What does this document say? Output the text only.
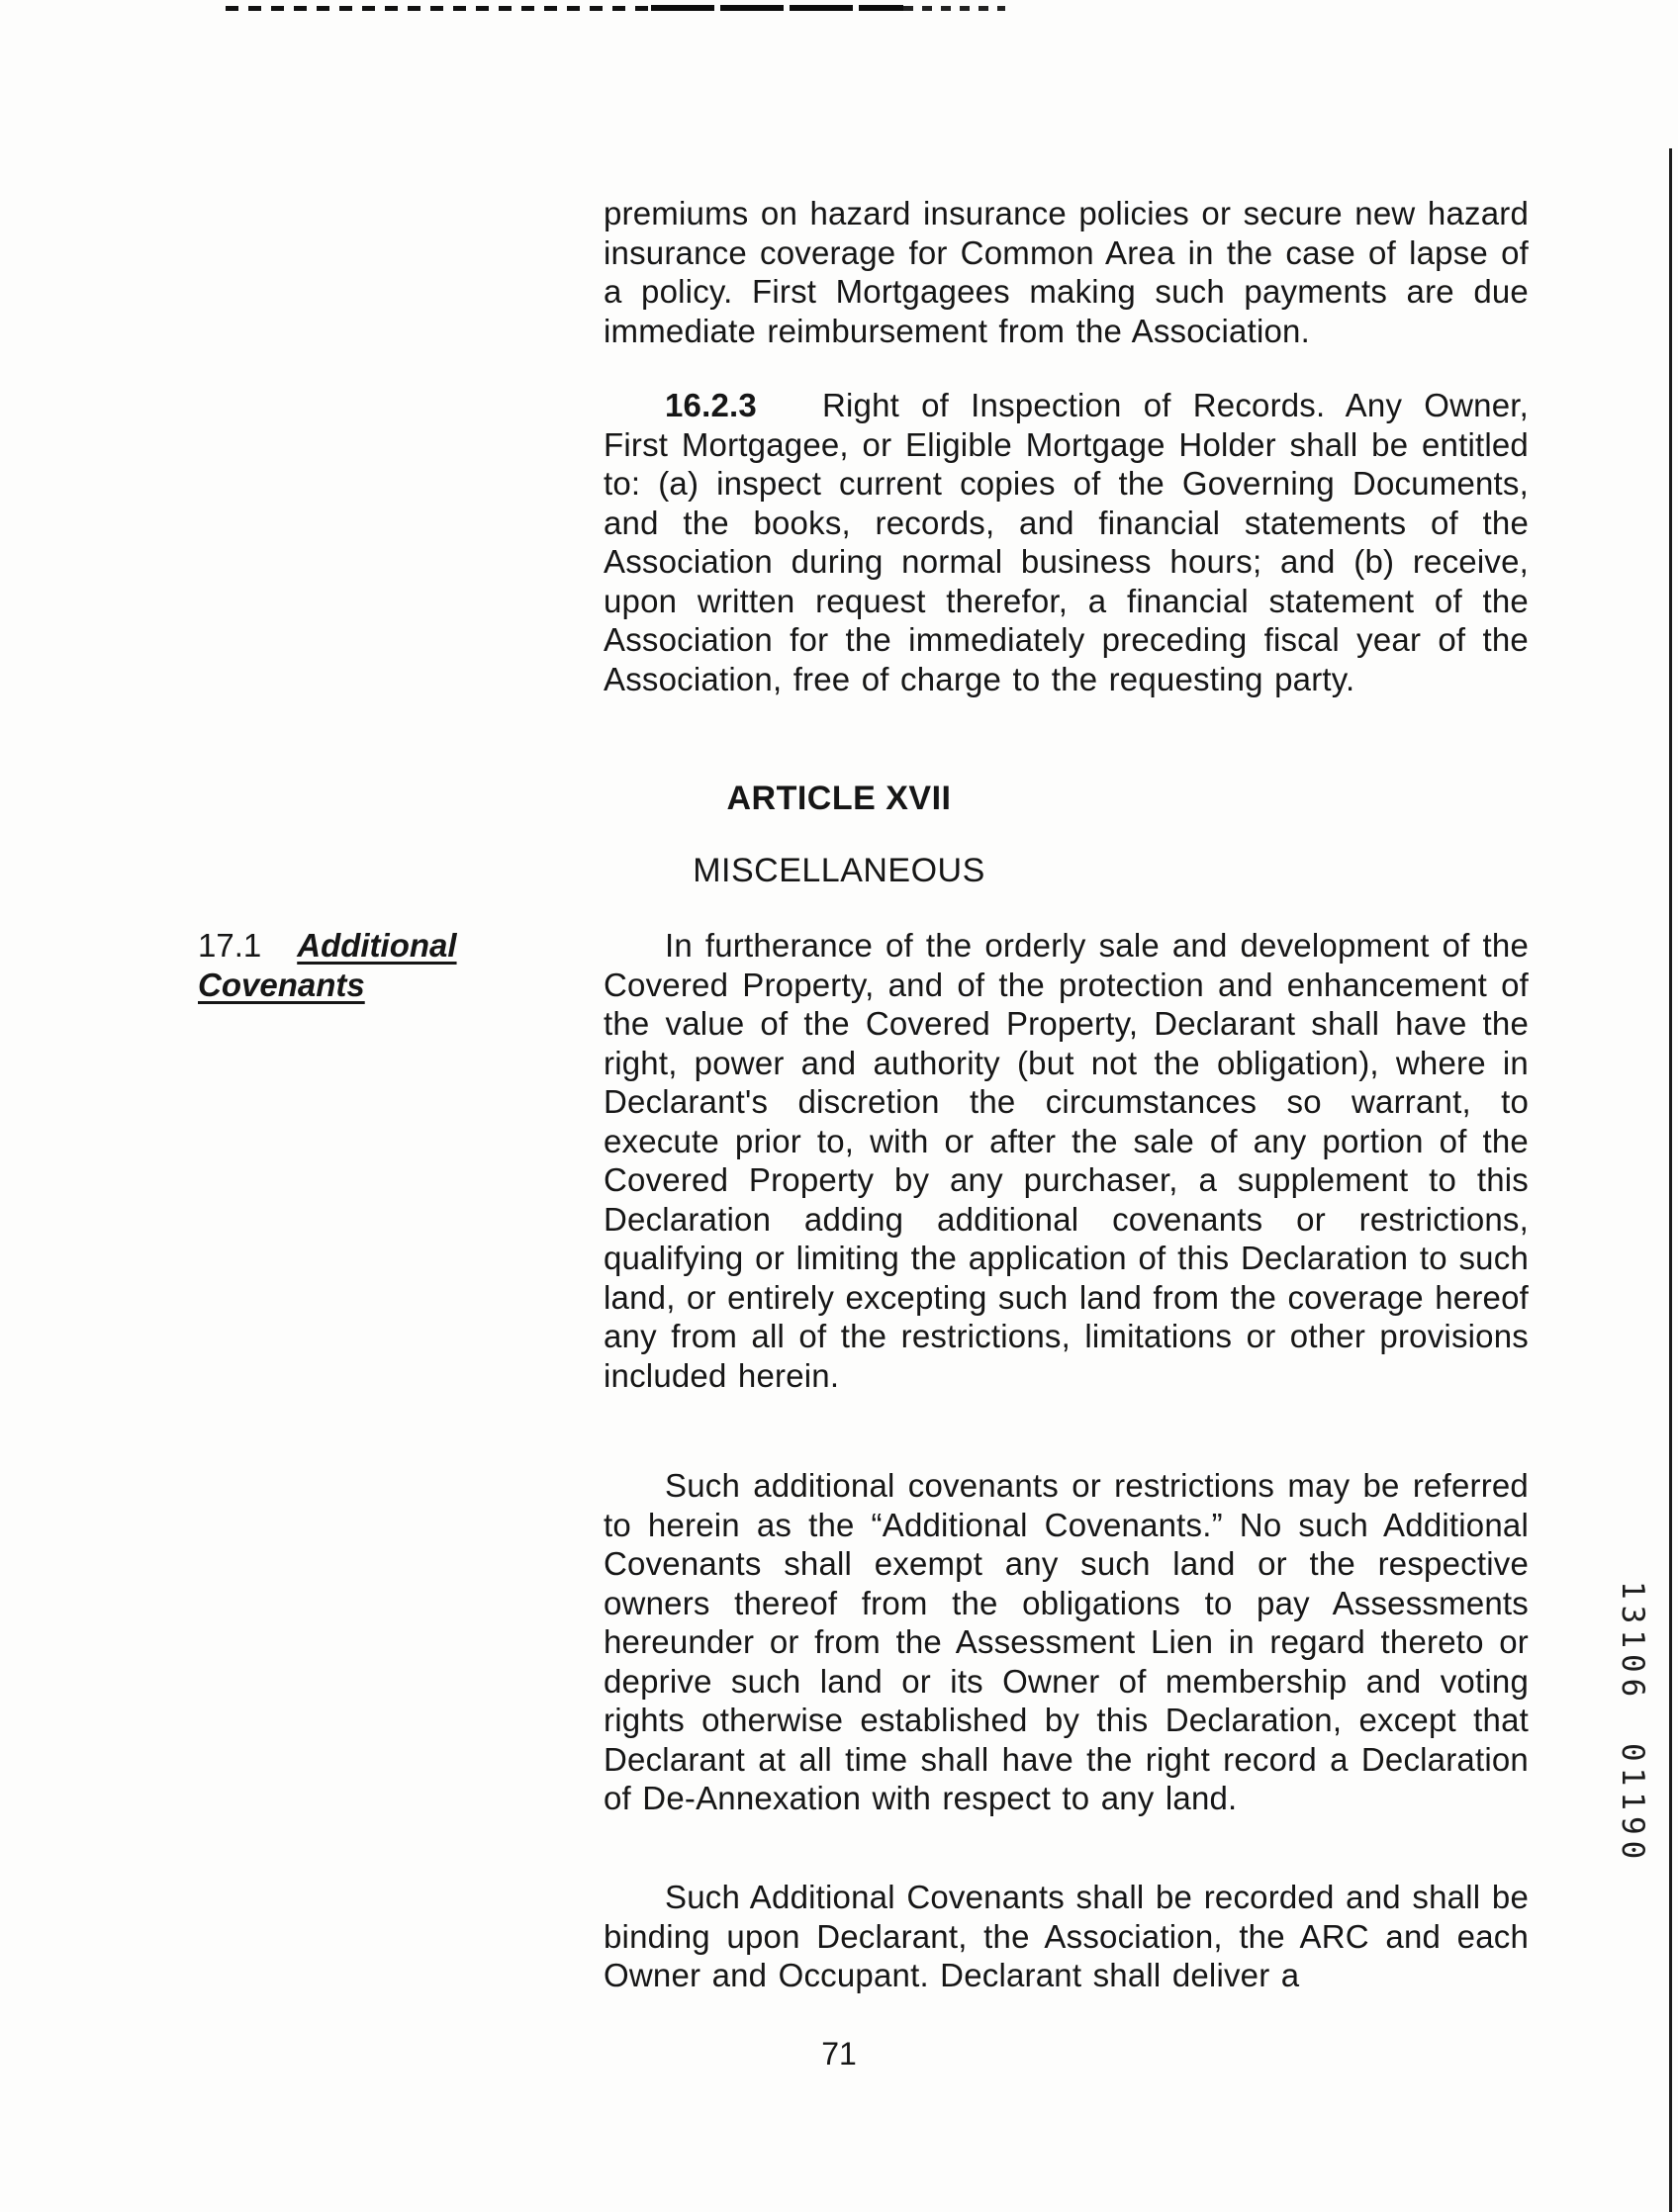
premiums on hazard insurance policies or secure new hazard insurance coverage for Common Area in the case of lapse of a policy. First Mortgagees making such payments are due immediate reimbursement from the Association.
16.2.3 Right of Inspection of Records. Any Owner, First Mortgagee, or Eligible Mortgage Holder shall be entitled to: (a) inspect current copies of the Governing Documents, and the books, records, and financial statements of the Association during normal business hours; and (b) receive, upon written request therefor, a financial statement of the Association for the immediately preceding fiscal year of the Association, free of charge to the requesting party.
ARTICLE XVII
MISCELLANEOUS
17.1 Additional Covenants
In furtherance of the orderly sale and development of the Covered Property, and of the protection and enhancement of the value of the Covered Property, Declarant shall have the right, power and authority (but not the obligation), where in Declarant's discretion the circumstances so warrant, to execute prior to, with or after the sale of any portion of the Covered Property by any purchaser, a supplement to this Declaration adding additional covenants or restrictions, qualifying or limiting the application of this Declaration to such land, or entirely excepting such land from the coverage hereof any from all of the restrictions, limitations or other provisions included herein.
Such additional covenants or restrictions may be referred to herein as the “Additional Covenants.” No such Additional Covenants shall exempt any such land or the respective owners thereof from the obligations to pay Assessments hereunder or from the Assessment Lien in regard thereto or deprive such land or its Owner of membership and voting rights otherwise established by this Declaration, except that Declarant at all time shall have the right record a Declaration of De-Annexation with respect to any land.
Such Additional Covenants shall be recorded and shall be binding upon Declarant, the Association, the ARC and each Owner and Occupant. Declarant shall deliver a
71
13106 01190
